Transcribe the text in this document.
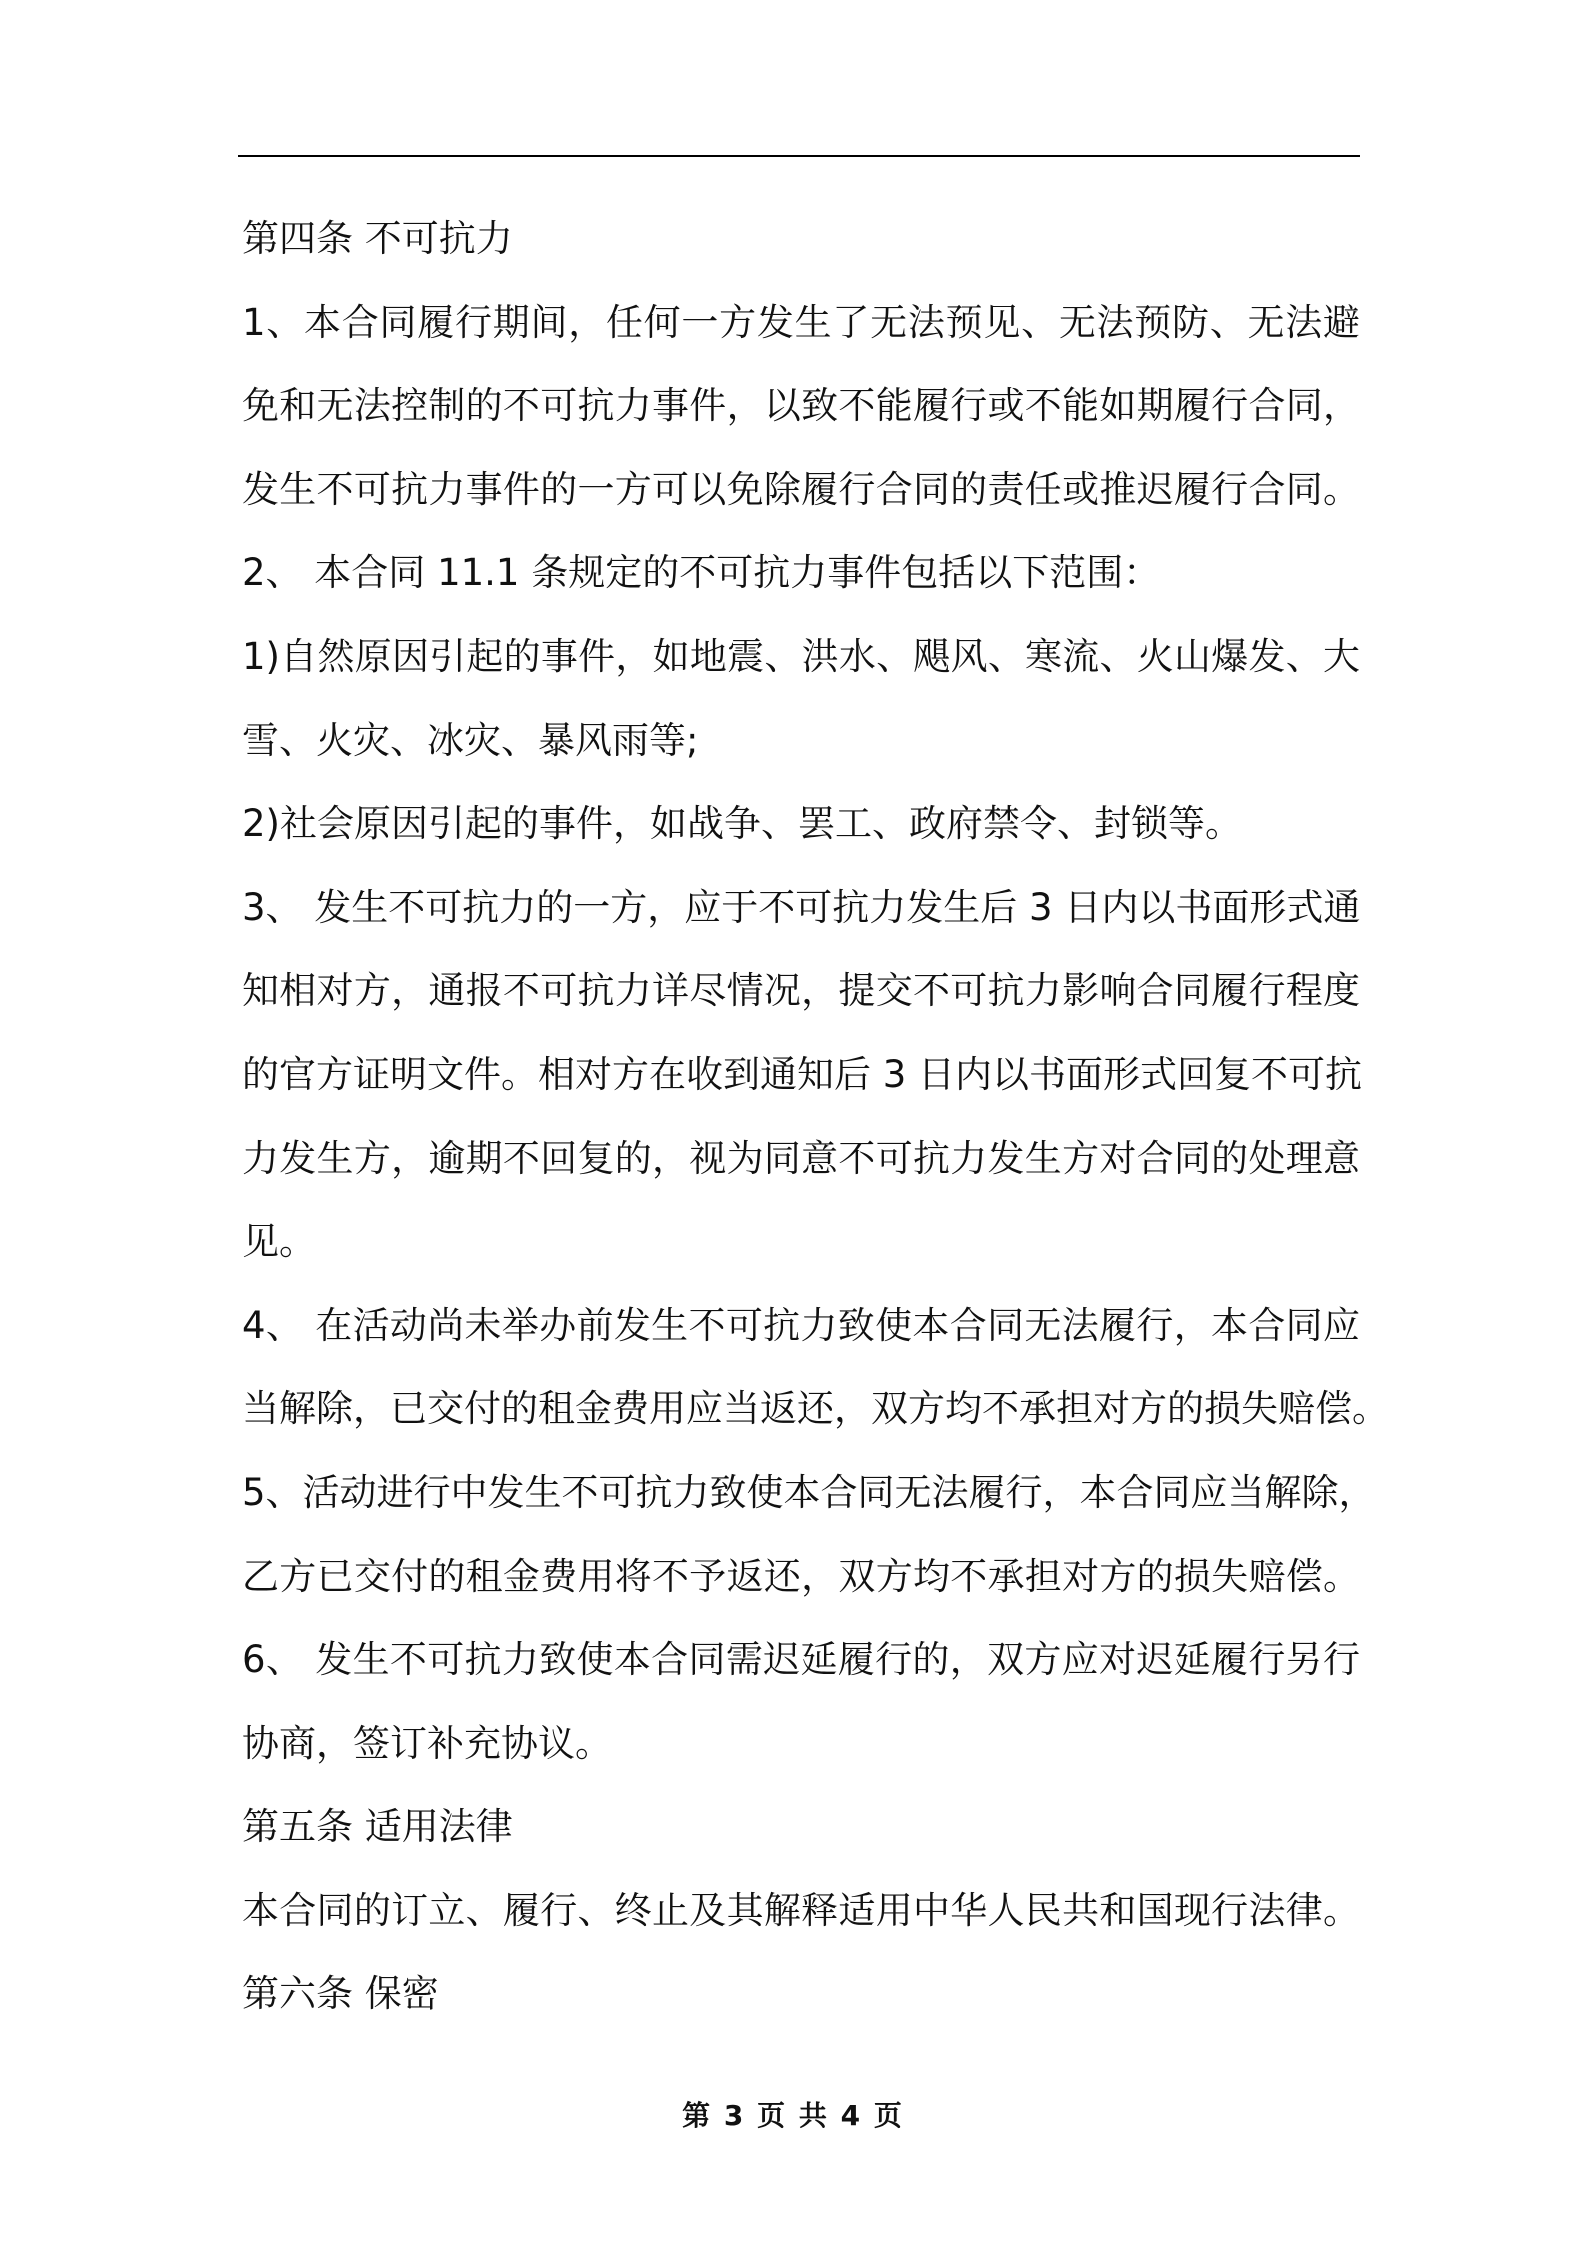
第四条 不可抗力
1、本合同履行期间，任何一方发生了无法预见、无法预防、无法避
免和无法控制的不可抗力事件，以致不能履行或不能如期履行合同，
发生不可抗力事件的一方可以免除履行合同的责任或推迟履行合同。
2、 本合同 11.1 条规定的不可抗力事件包括以下范围：
1)自然原因引起的事件，如地震、洪水、飓风、寒流、火山爆发、大
雪、火灾、冰灾、暴风雨等;
2)社会原因引起的事件，如战争、罢工、政府禁令、封锁等。
3、 发生不可抗力的一方，应于不可抗力发生后 3 日内以书面形式通
知相对方，通报不可抗力详尽情况，提交不可抗力影响合同履行程度
的官方证明文件。相对方在收到通知后 3 日内以书面形式回复不可抗
力发生方，逾期不回复的，视为同意不可抗力发生方对合同的处理意
见。
4、 在活动尚未举办前发生不可抗力致使本合同无法履行，本合同应
当解除，已交付的租金费用应当返还，双方均不承担对方的损失赔偿。
5、活动进行中发生不可抗力致使本合同无法履行，本合同应当解除，
乙方已交付的租金费用将不予返还，双方均不承担对方的损失赔偿。
6、 发生不可抗力致使本合同需迟延履行的，双方应对迟延履行另行
协商，签订补充协议。
第五条 适用法律
本合同的订立、履行、终止及其解释适用中华人民共和国现行法律。
第六条 保密
第 3 页 共 4 页
